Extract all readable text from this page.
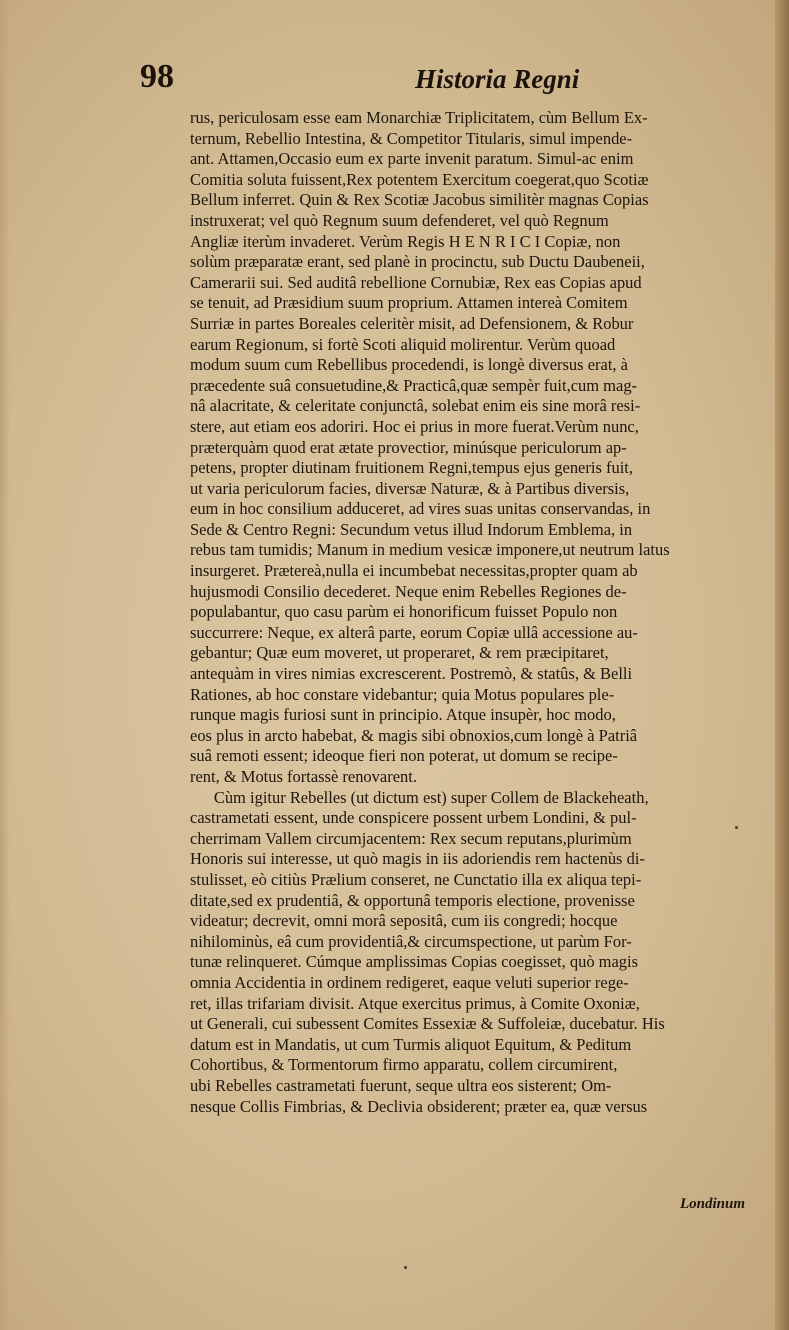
98	Historia Regni
rus, periculosam esse eam Monarchiæ Triplicitatem, cùm Bellum Ex-
ternum, Rebellio Intestina, & Competitor Titularis, simul impende-
ant. Attamen,Occasio eum ex parte invenit paratum. Simul-ac enim
Comitia soluta fuissent,Rex potentem Exercitum coegerat,quo Scotiæ
Bellum inferret. Quin & Rex Scotiæ Jacobus similitèr magnas Copias
instruxerat; vel quò Regnum suum defenderet, vel quò Regnum
Angliæ iterùm invaderet. Verùm Regis H E N R I C I Copiæ, non
solùm præparatæ erant, sed planè in procinctu, sub Ductu Daubeneii,
Camerarii sui. Sed auditâ rebellione Cornubiæ, Rex eas Copias apud
se tenuit, ad Præsidium suum proprium. Attamen intereà Comitem
Surriæ in partes Boreales celeritèr misit, ad Defensionem, & Robur
earum Regionum, si fortè Scoti aliquid molirentur. Verùm quoad
modum suum cum Rebellibus procedendi, is longè diversus erat, à
præcedente suâ consuetudine,& Practicâ,quæ sempèr fuit,cum mag-
nâ alacritate, & celeritate conjunctâ, solebat enim eis sine morâ resi-
stere, aut etiam eos adoriri. Hoc ei prius in more fuerat.Verùm nunc,
præterquàm quod erat ætate provectior, minúsque periculorum ap-
petens, propter diutinam fruitionem Regni,tempus ejus generis fuit,
ut varia periculorum facies, diversæ Naturæ, & à Partibus diversis,
eum in hoc consilium adduceret, ad vires suas unitas conservandas, in
Sede & Centro Regni: Secundum vetus illud Indorum Emblema, in
rebus tam tumidis; Manum in medium vesicæ imponere,ut neutrum latus
insurgeret. Prætereà,nulla ei incumbebat necessitas,propter quam ab
hujusmodi Consilio decederet. Neque enim Rebelles Regiones de-
populabantur, quo casu parùm ei honorificum fuisset Populo non
succurrere: Neque, ex alterâ parte, eorum Copiæ ullâ accessione au-
gebantur; Quæ eum moveret, ut properaret, & rem præcipitaret,
antequàm in vires nimias excrescerent. Postremò, & statûs, & Belli
Rationes, ab hoc constare videbantur; quia Motus populares ple-
runque magis furiosi sunt in principio. Atque insupèr, hoc modo,
eos plus in arcto habebat, & magis sibi obnoxios,cum longè à Patriâ
suâ remoti essent; ideoque fieri non poterat, ut domum se recipe-
rent, & Motus fortassè renovarent.
Cùm igitur Rebelles (ut dictum est) super Collem de Blackeheath,
castrametati essent, unde conspicere possent urbem Londini, & pul-
cherrimam Vallem circumjacentem: Rex secum reputans,plurimùm
Honoris sui interesse, ut quò magis in iis adoriendis rem hactenùs di-
stulisset, eò citiùs Prælium conseret, ne Cunctatio illa ex aliqua tepi-
ditate,sed ex prudentiâ, & opportunâ temporis electione, provenisse
videatur; decrevit, omni morâ sepositâ, cum iis congredi; hocque
nihilominùs, eâ cum providentiâ,& circumspectione, ut parùm For-
tunæ relinqueret. Cúmque amplissimas Copias coegisset, quò magis
omnia Accidentia in ordinem redigeret, eaque veluti superior rege-
ret, illas trifariam divisit. Atque exercitus primus, à Comite Oxoniæ,
ut Generali, cui subessent Comites Essexiæ & Suffoleiæ, ducebatur. His
datum est in Mandatis, ut cum Turmis aliquot Equitum, & Peditum
Cohortibus, & Tormentorum firmo apparatu, collem circumirent,
ubi Rebelles castrametati fuerunt, seque ultra eos sisterent; Om-
nesque Collis Fimbrias, & Declivia obsiderent; præter ea, quæ versus
Londinum
